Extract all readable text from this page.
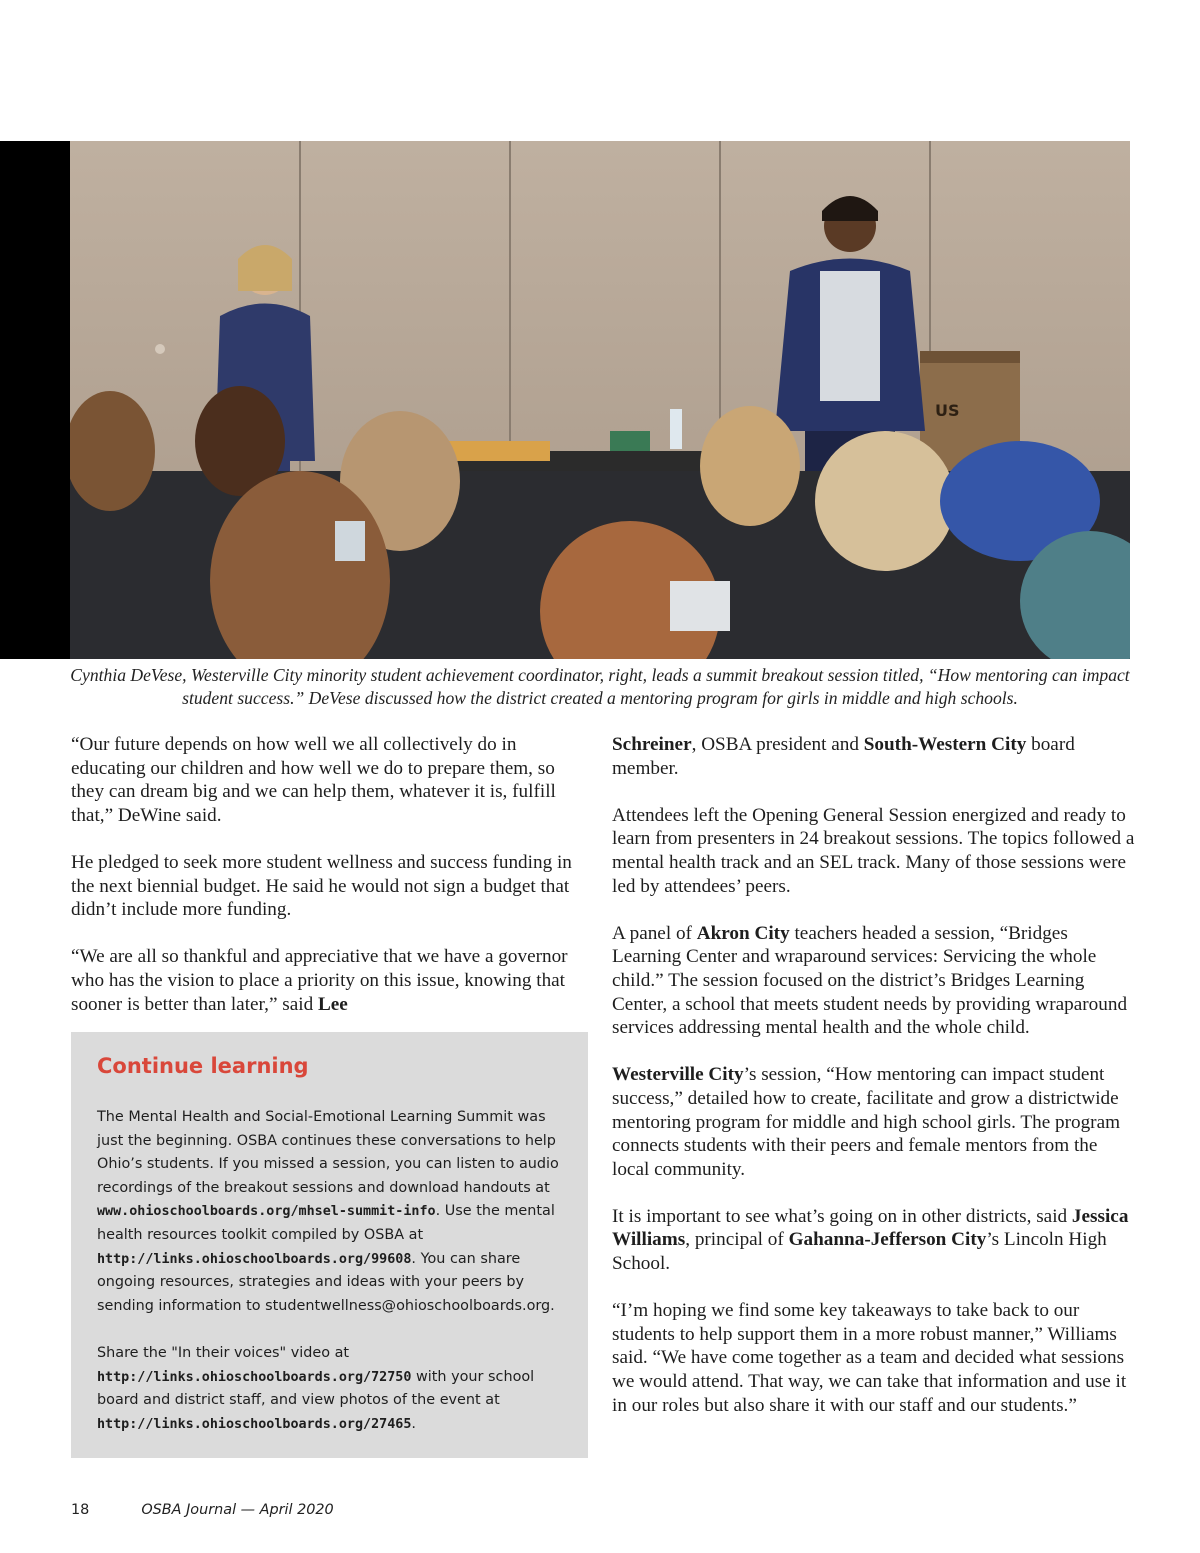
US
Cynthia DeVese, Westerville City minority student achievement coordinator, right, leads a summit breakout session titled, “How mentoring can impact student success.” DeVese discussed how the district created a mentoring program for girls in middle and high schools.

“Our future depends on how well we all collectively do in educating our children and how well we do to prepare them, so they can dream big and we can help them, whatever it is, fulfill that,” DeWine said.

He pledged to seek more student wellness and success funding in the next biennial budget. He said he would not sign a budget that didn’t include more funding.

“We are all so thankful and appreciative that we have a governor who has the vision to place a priority on this issue, knowing that sooner is better than later,” said Lee

Schreiner, OSBA president and South-Western City board member.

Attendees left the Opening General Session energized and ready to learn from presenters in 24 breakout sessions. The topics followed a mental health track and an SEL track. Many of those sessions were led by attendees’ peers.

A panel of Akron City teachers headed a session, “Bridges Learning Center and wraparound services: Servicing the whole child.” The session focused on the district’s Bridges Learning Center, a school that meets student needs by providing wraparound services addressing mental health and the whole child.

Westerville City’s session, “How mentoring can impact student success,” detailed how to create, facilitate and grow a districtwide mentoring program for middle and high school girls. The program connects students with their peers and female mentors from the local community.

It is important to see what’s going on in other districts, said Jessica Williams, principal of Gahanna-Jefferson City’s Lincoln High School.

“I’m hoping we find some key takeaways to take back to our students to help support them in a more robust manner,” Williams said. “We have come together as a team and decided what sessions we would attend. That way, we can take that information and use it in our roles but also share it with our staff and our students.”

Continue learning

The Mental Health and Social-Emotional Learning Summit was just the beginning. OSBA continues these conversations to help Ohio’s students. If you missed a session, you can listen to audio recordings of the breakout sessions and download handouts at www.ohioschoolboards.org/mhsel-summit-info. Use the mental health resources toolkit compiled by OSBA at http://links.ohioschoolboards.org/99608. You can share ongoing resources, strategies and ideas with your peers by sending information to studentwellness@ohioschoolboards.org.

Share the "In their voices" video at http://links.ohioschoolboards.org/72750 with your school board and district staff, and view photos of the event at http://links.ohioschoolboards.org/27465.

18	OSBA Journal — April 2020
